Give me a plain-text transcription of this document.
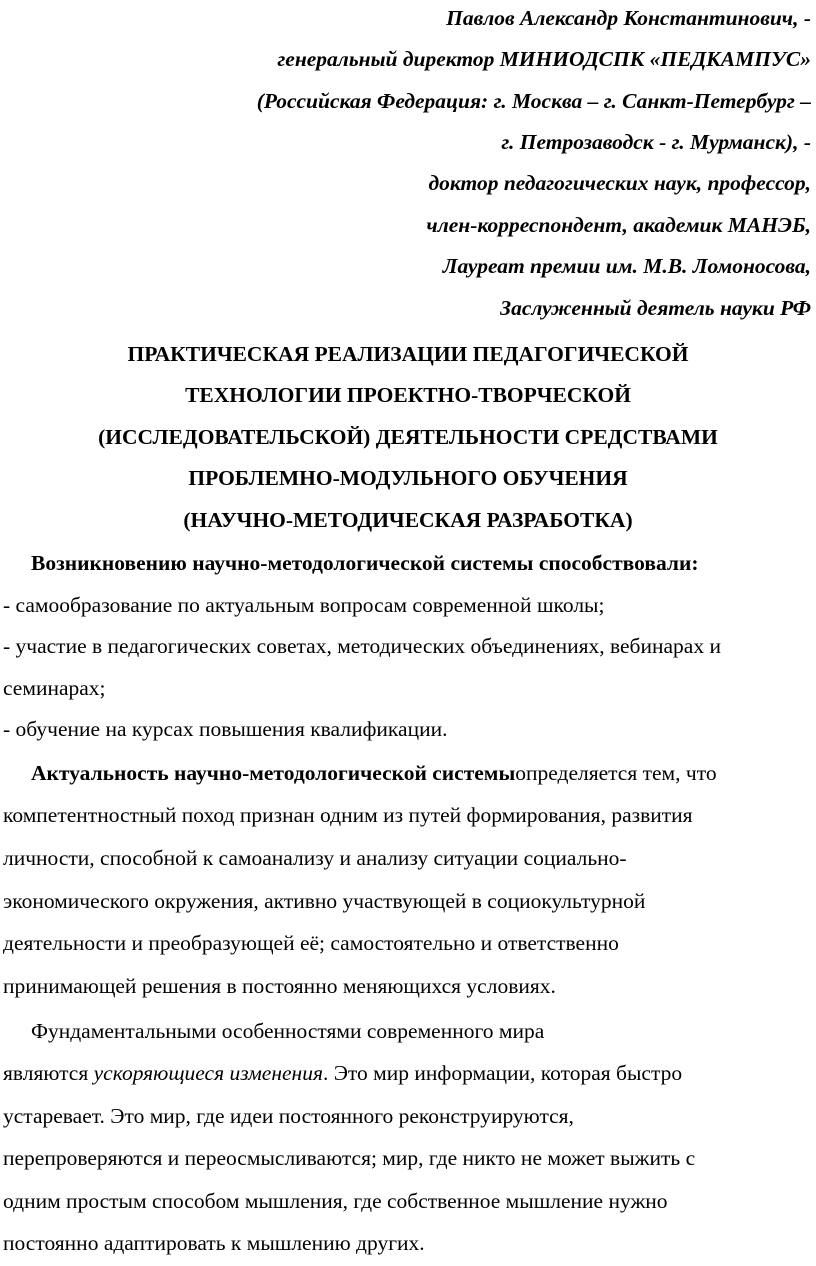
Павлов Александр Константинович, -
генеральный директор МИНИОДСПК «ПЕДКАМПУС»
(Российская Федерация: г. Москва – г. Санкт-Петербург –
г. Петрозаводск - г. Мурманск), -
доктор педагогических наук, профессор,
член-корреспондент, академик МАНЭБ,
Лауреат премии им. М.В. Ломоносова,
Заслуженный деятель науки РФ
ПРАКТИЧЕСКАЯ РЕАЛИЗАЦИИ ПЕДАГОГИЧЕСКОЙ
ТЕХНОЛОГИИ ПРОЕКТНО-ТВОРЧЕСКОЙ
(ИССЛЕДОВАТЕЛЬСКОЙ) ДЕЯТЕЛЬНОСТИ СРЕДСТВАМИ
ПРОБЛЕМНО-МОДУЛЬНОГО ОБУЧЕНИЯ
(НАУЧНО-МЕТОДИЧЕСКАЯ РАЗРАБОТКА)
Возникновению научно-методологической системы способствовали:
- самообразование по актуальным вопросам современной школы;
- участие в педагогических советах, методических объединениях, вебинарах и
семинарах;
- обучение на курсах повышения квалификации.
Актуальность научно-методологической системыопределяется тем, что
компетентностный поход признан одним из путей формирования, развития
личности, способной к самоанализу и анализу ситуации социально-
экономического окружения, активно участвующей в социокультурной
деятельности и преобразующей её; самостоятельно и ответственно
принимающей решения в постоянно меняющихся условиях.
Фундаментальными особенностями современного мира
являются ускоряющиеся изменения. Это мир информации, которая быстро
устаревает. Это мир, где идеи постоянного реконструируются,
перепроверяются и переосмысливаются; мир, где никто не может выжить с
одним простым способом мышления, где собственное мышление нужно
постоянно адаптировать к мышлению других.
